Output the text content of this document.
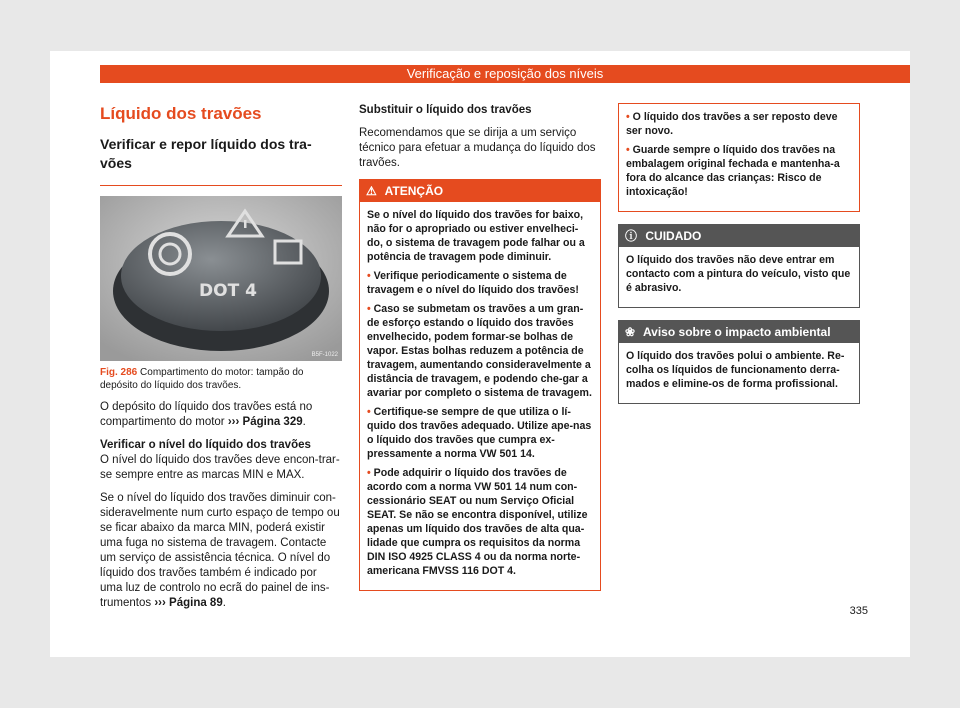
Verificação e reposição dos níveis
Líquido dos travões
Verificar e repor líquido dos tra-
vões
DOT 4
B5F-1022
Fig. 286 Compartimento do motor: tampão do depósito do líquido dos travões.

O depósito do líquido dos travões está no compartimento do motor ››› Página 329.

Verificar o nível do líquido dos travões

O nível do líquido dos travões deve encon-trar-se sempre entre as marcas MIN e MAX.

Se o nível do líquido dos travões diminuir con-sideravelmente num curto espaço de tempo ou se ficar abaixo da marca MIN, poderá existir uma fuga no sistema de travagem. Contacte um serviço de assistência técnica. O nível do líquido dos travões também é indicado por uma luz de controlo no ecrã do painel de ins-trumentos ››› Página 89.

Substituir o líquido dos travões

Recomendamos que se dirija a um serviço técnico para efetuar a mudança do líquido dos travões.

⚠ ATENÇÃO

Se o nível do líquido dos travões for baixo, não for o apropriado ou estiver envelheci-do, o sistema de travagem pode falhar ou a potência de travagem pode diminuir.

• Verifique periodicamente o sistema de travagem e o nível do líquido dos travões!

• Caso se submetam os travões a um gran-de esforço estando o líquido dos travões envelhecido, podem formar-se bolhas de vapor. Estas bolhas reduzem a potência de travagem, aumentando consideravelmente a distância de travagem, e podendo che-gar a avariar por completo o sistema de travagem.

• Certifique-se sempre de que utiliza o lí-quido dos travões adequado. Utilize ape-nas o líquido dos travões que cumpra ex-pressamente a norma VW 501 14.

• Pode adquirir o líquido dos travões de acordo com a norma VW 501 14 num con-cessionário SEAT ou num Serviço Oficial SEAT. Se não se encontra disponível, utilize apenas um líquido dos travões de alta qua-lidade que cumpra os requisitos da norma DIN ISO 4925 CLASS 4 ou da norma norte-americana FMVSS 116 DOT 4.

• O líquido dos travões a ser reposto deve ser novo.

• Guarde sempre o líquido dos travões na embalagem original fechada e mantenha-a fora do alcance das crianças: Risco de intoxicação!

ⓘ CUIDADO

O líquido dos travões não deve entrar em contacto com a pintura do veículo, visto que é abrasivo.

❀ Aviso sobre o impacto ambiental

O líquido dos travões polui o ambiente. Re-colha os líquidos de funcionamento derra-mados e elimine-os de forma profissional.

335
